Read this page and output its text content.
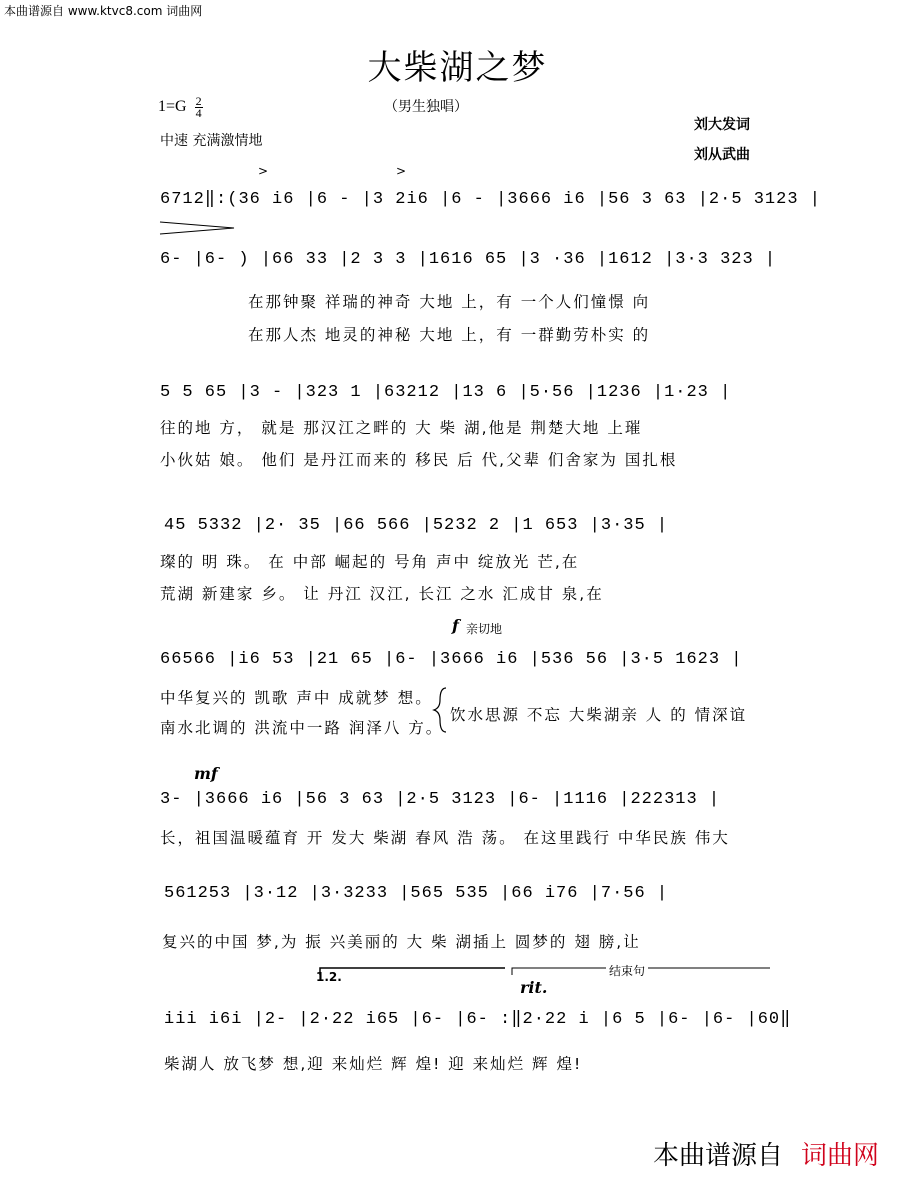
本曲谱源自 www.ktvc8.com 词曲网
大柴湖之梦
$1=G \frac{2}{4}$	（男生独唱）
中速 充满激情地
刘大发词
刘从武曲
>	>
6712‖:(36 i6 |6 - |3 2i6 |6 - |3666 i6 |56 3 63 |2·5 3123 |
6- |6- ) |66 33 |2 3 3 |1616 65 |3 ·36 |1612 |3·3 323 |
在那钟聚 祥瑞的神奇 大地 上，有 一个人们憧憬 向
在那人杰 地灵的神秘 大地 上，有 一群勤劳朴实 的
5 5 65 |3 - |323 1 |63212 |13 6 |5·56 |1236 |1·23 |
往的地 方， 就是 那汉江之畔的 大 柴 湖,他是 荆楚大地 上璀
小伙姑 娘。 他们 是丹江而来的 移民 后 代,父辈 们舍家为 国扎根
45 5332 |2· 35 |66 566 |5232 2 |1 653 |3·35 |
璨的 明 珠。 在 中部 崛起的 号角 声中 绽放光 芒,在
荒湖 新建家 乡。 让 丹江 汉江, 长江 之水 汇成甘 泉,在
f 亲切地
66566 |i6 53 |21 65 |6- |3666 i6 |536 56 |3·5 1623 |
中华复兴的 凯歌 声中 成就梦 想。
南水北调的 洪流中一路 润泽八 方。
饮水思源 不忘 大柴湖亲 人 的 情深谊
mf
3- |3666 i6 |56 3 63 |2·5 3123 |6- |1116 |222313 |
长，祖国温暖蕴育 开 发大 柴湖 春风 浩 荡。 在这里践行 中华民族 伟大
561253 |3·12 |3·3233 |565 535 |66 i76 |7·56 |
复兴的中国 梦,为 振 兴美丽的 大 柴 湖插上 圆梦的 翅 膀,让
1.2.
rit.
结束句
iii i6i |2- |2·22 i65 |6- |6- :‖2·22 i |6 5 |6- |6- |60‖
柴湖人 放飞梦 想,迎 来灿烂 辉 煌! 迎 来灿烂 辉 煌!
本曲谱源自 词曲网
